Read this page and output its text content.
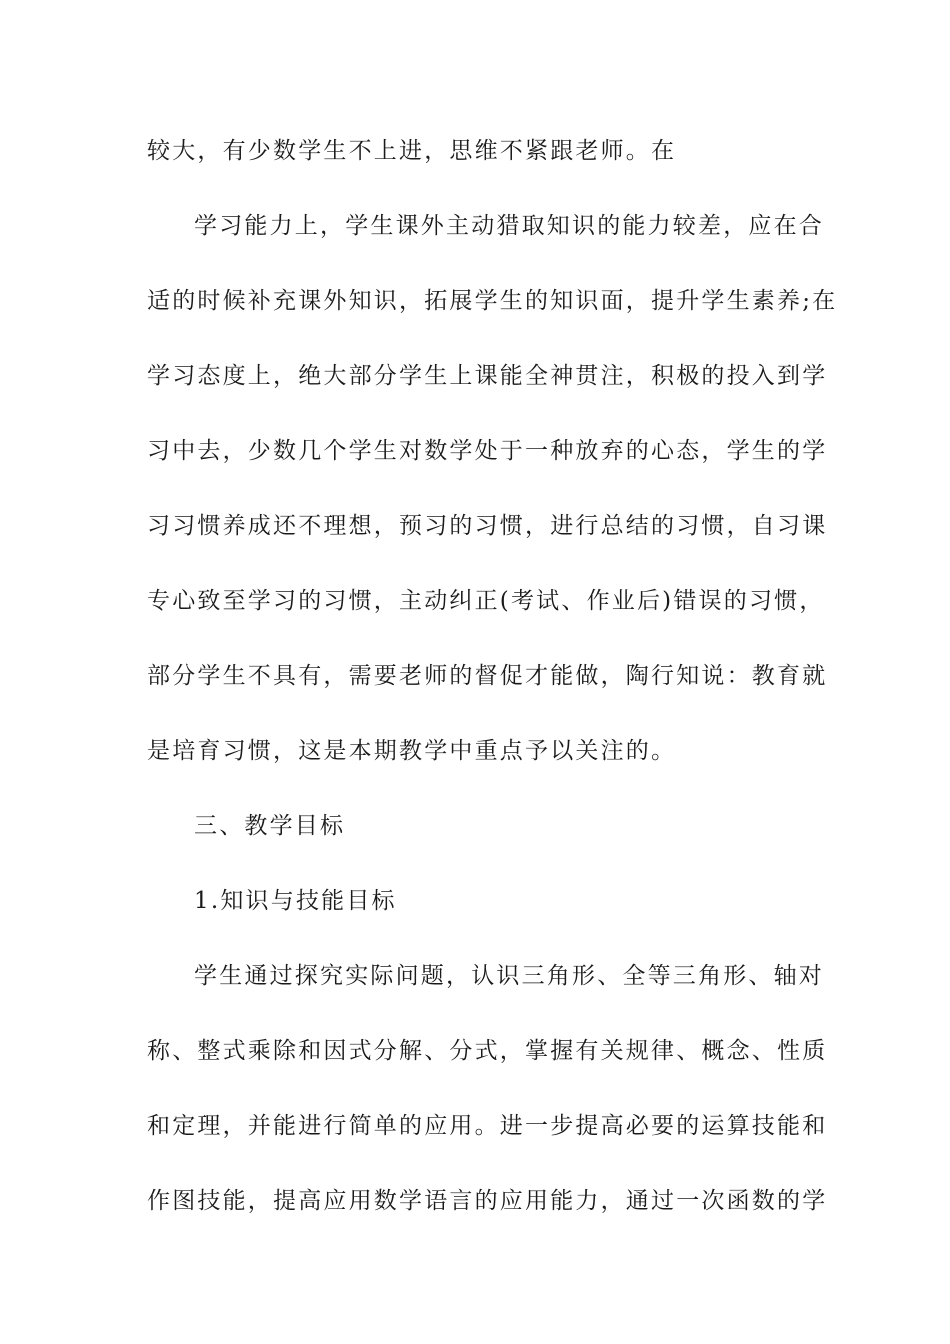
较大，有少数学生不上进，思维不紧跟老师。在
学习能力上，学生课外主动猎取知识的能力较差，应在合
适的时候补充课外知识，拓展学生的知识面，提升学生素养;在
学习态度上，绝大部分学生上课能全神贯注，积极的投入到学
习中去，少数几个学生对数学处于一种放弃的心态，学生的学
习习惯养成还不理想，预习的习惯，进行总结的习惯，自习课
专心致至学习的习惯，主动纠正(考试、作业后)错误的习惯，
部分学生不具有，需要老师的督促才能做，陶行知说：教育就
是培育习惯，这是本期教学中重点予以关注的。
三、教学目标
1.知识与技能目标
学生通过探究实际问题，认识三角形、全等三角形、轴对
称、整式乘除和因式分解、分式，掌握有关规律、概念、性质
和定理，并能进行简单的应用。进一步提高必要的运算技能和
作图技能，提高应用数学语言的应用能力，通过一次函数的学
